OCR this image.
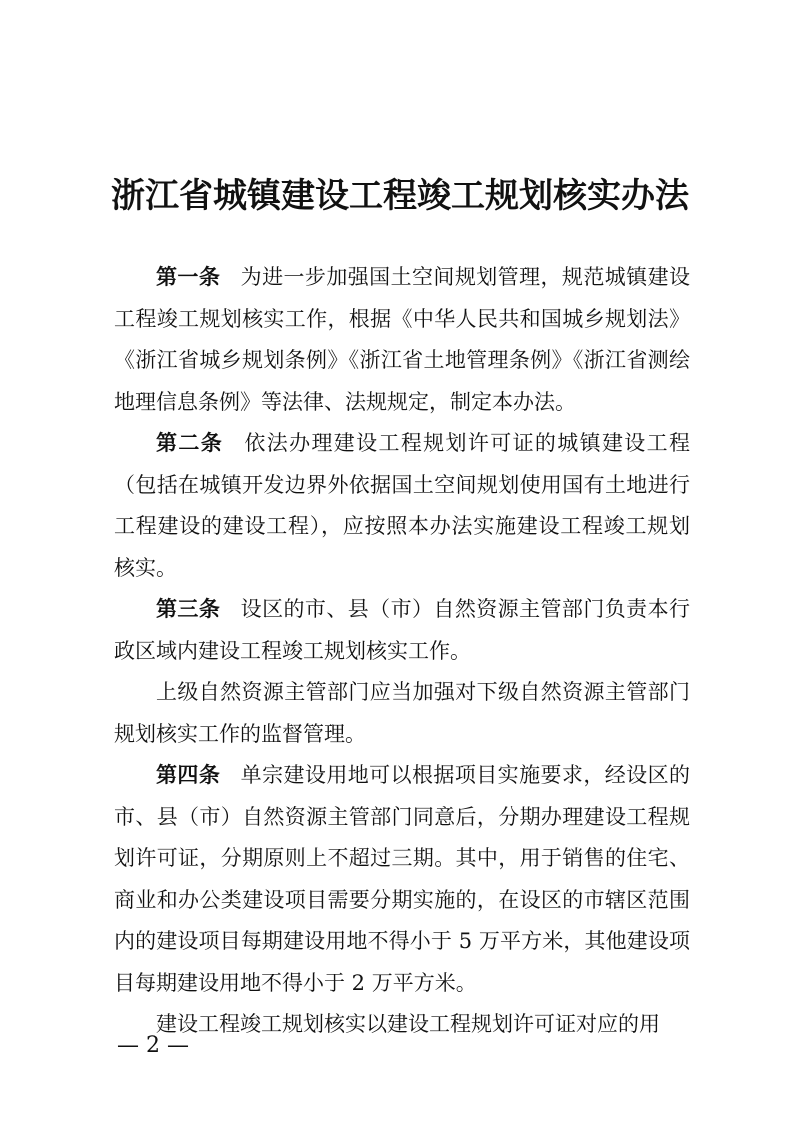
浙江省城镇建设工程竣工规划核实办法

第一条 为进一步加强国土空间规划管理，规范城镇建设工程竣工规划核实工作，根据《中华人民共和国城乡规划法》《浙江省城乡规划条例》《浙江省土地管理条例》《浙江省测绘地理信息条例》等法律、法规规定，制定本办法。

第二条 依法办理建设工程规划许可证的城镇建设工程（包括在城镇开发边界外依据国土空间规划使用国有土地进行工程建设的建设工程），应按照本办法实施建设工程竣工规划核实。

第三条 设区的市、县（市）自然资源主管部门负责本行政区域内建设工程竣工规划核实工作。

上级自然资源主管部门应当加强对下级自然资源主管部门规划核实工作的监督管理。

第四条 单宗建设用地可以根据项目实施要求，经设区的市、县（市）自然资源主管部门同意后，分期办理建设工程规划许可证，分期原则上不超过三期。其中，用于销售的住宅、商业和办公类建设项目需要分期实施的，在设区的市辖区范围内的建设项目每期建设用地不得小于 5 万平方米，其他建设项目每期建设用地不得小于 2 万平方米。

建设工程竣工规划核实以建设工程规划许可证对应的用

— 2 —
